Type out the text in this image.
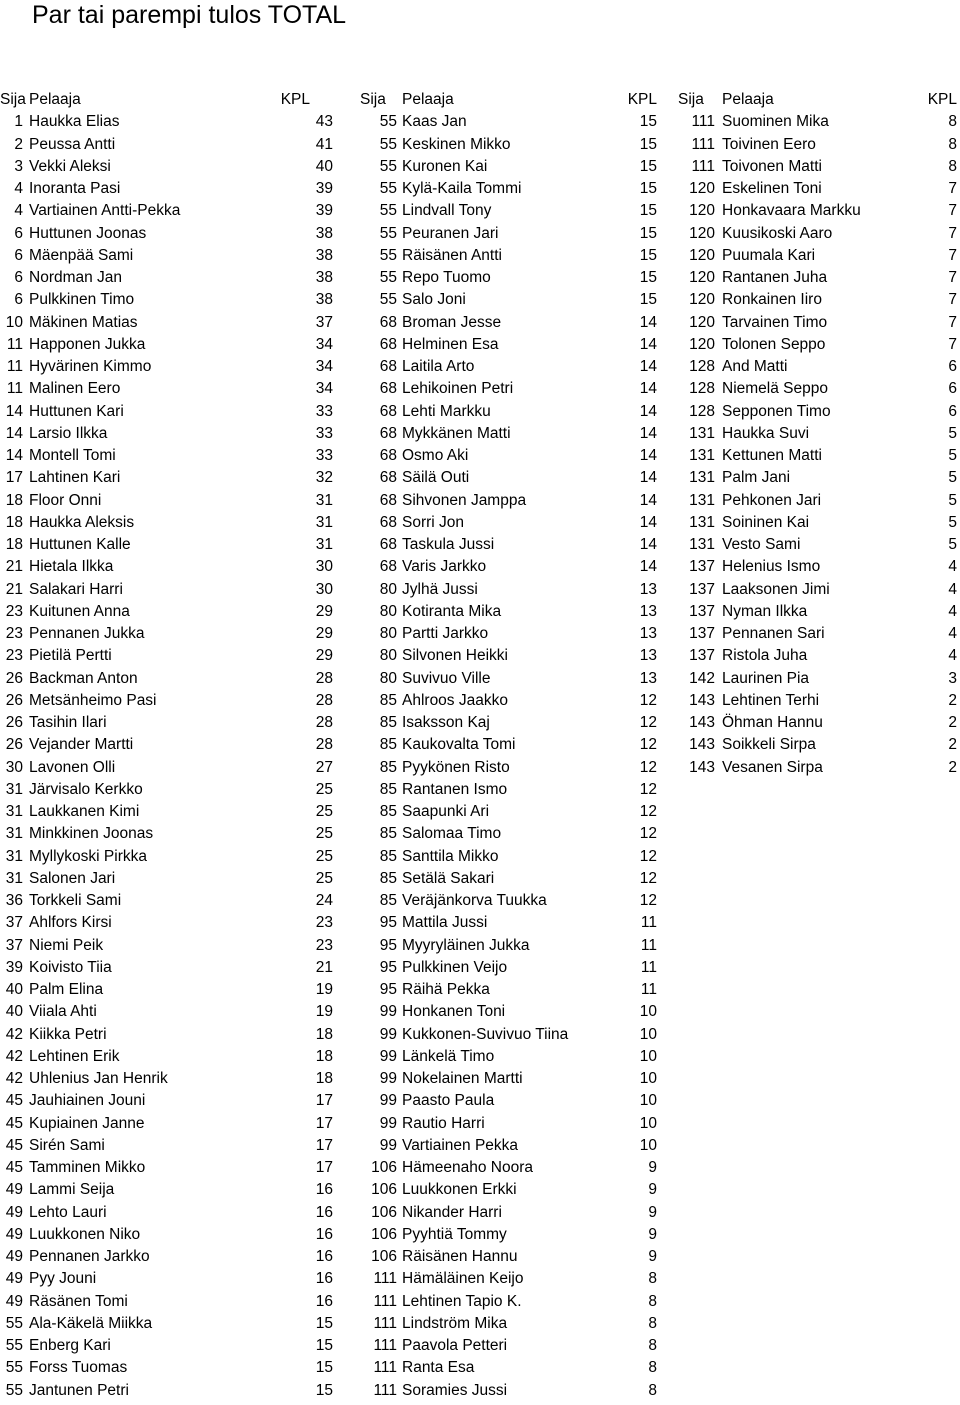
Par tai parempi tulos TOTAL
Sija Pelaaja	KPL
1 Haukka Elias	43
2 Peussa Antti	41
3 Vekki Aleksi	40
4 Inoranta Pasi	39
4 Vartiainen Antti-Pekka	39
6 Huttunen Joonas	38
6 Mäenpää Sami	38
6 Nordman Jan	38
6 Pulkkinen Timo	38
10 Mäkinen Matias	37
11 Happonen Jukka	34
11 Hyvärinen Kimmo	34
11 Malinen Eero	34
14 Huttunen Kari	33
14 Larsio Ilkka	33
14 Montell Tomi	33
17 Lahtinen Kari	32
18 Floor Onni	31
18 Haukka Aleksis	31
18 Huttunen Kalle	31
21 Hietala Ilkka	30
21 Salakari Harri	30
23 Kuitunen Anna	29
23 Pennanen Jukka	29
23 Pietilä Pertti	29
26 Backman Anton	28
26 Metsänheimo Pasi	28
26 Tasihin Ilari	28
26 Vejander Martti	28
30 Lavonen Olli	27
31 Järvisalo Kerkko	25
31 Laukkanen Kimi	25
31 Minkkinen Joonas	25
31 Myllykoski Pirkka	25
31 Salonen Jari	25
36 Torkkeli Sami	24
37 Ahlfors Kirsi	23
37 Niemi Peik	23
39 Koivisto Tiia	21
40 Palm Elina	19
40 Viiala Ahti	19
42 Kiikka Petri	18
42 Lehtinen Erik	18
42 Uhlenius Jan Henrik	18
45 Jauhiainen Jouni	17
45 Kupiainen Janne	17
45 Sirén Sami	17
45 Tamminen Mikko	17
49 Lammi Seija	16
49 Lehto Lauri	16
49 Luukkonen Niko	16
49 Pennanen Jarkko	16
49 Pyy Jouni	16
49 Räsänen Tomi	16
55 Ala-Käkelä Miikka	15
55 Enberg Kari	15
55 Forss Tuomas	15
55 Jantunen Petri	15
Sija Pelaaja	KPL
55 Kaas Jan	15
55 Keskinen Mikko	15
55 Kuronen Kai	15
55 Kylä-Kaila Tommi	15
55 Lindvall Tony	15
55 Peuranen Jari	15
55 Räisänen Antti	15
55 Repo Tuomo	15
55 Salo Joni	15
68 Broman Jesse	14
68 Helminen Esa	14
68 Laitila Arto	14
68 Lehikoinen Petri	14
68 Lehti Markku	14
68 Mykkänen Matti	14
68 Osmo Aki	14
68 Säilä Outi	14
68 Sihvonen Jamppa	14
68 Sorri Jon	14
68 Taskula Jussi	14
68 Varis Jarkko	14
80 Jylhä Jussi	13
80 Kotiranta Mika	13
80 Partti Jarkko	13
80 Silvonen Heikki	13
80 Suvivuo Ville	13
85 Ahlroos Jaakko	12
85 Isaksson Kaj	12
85 Kaukovalta Tomi	12
85 Pyykönen Risto	12
85 Rantanen Ismo	12
85 Saapunki Ari	12
85 Salomaa Timo	12
85 Santtila Mikko	12
85 Setälä Sakari	12
85 Veräjänkorva Tuukka	12
95 Mattila Jussi	11
95 Myyryläinen Jukka	11
95 Pulkkinen Veijo	11
95 Räihä Pekka	11
99 Honkanen Toni	10
99 Kukkonen-Suvivuo Tiina	10
99 Länkelä Timo	10
99 Nokelainen Martti	10
99 Paasto Paula	10
99 Rautio Harri	10
99 Vartiainen Pekka	10
106 Hämeenaho Noora	9
106 Luukkonen Erkki	9
106 Nikander Harri	9
106 Pyyhtiä Tommy	9
106 Räisänen Hannu	9
111 Hämäläinen Keijo	8
111 Lehtinen Tapio K.	8
111 Lindström Mika	8
111 Paavola Petteri	8
111 Ranta Esa	8
111 Soramies Jussi	8
Sija Pelaaja	KPL
111 Suominen Mika	8
111 Toivinen Eero	8
111 Toivonen Matti	8
120 Eskelinen Toni	7
120 Honkavaara Markku	7
120 Kuusikoski Aaro	7
120 Puumala Kari	7
120 Rantanen Juha	7
120 Ronkainen Iiro	7
120 Tarvainen Timo	7
120 Tolonen Seppo	7
128 And Matti	6
128 Niemelä Seppo	6
128 Sepponen Timo	6
131 Haukka Suvi	5
131 Kettunen Matti	5
131 Palm Jani	5
131 Pehkonen Jari	5
131 Soininen Kai	5
131 Vesto Sami	5
137 Helenius Ismo	4
137 Laaksonen Jimi	4
137 Nyman Ilkka	4
137 Pennanen Sari	4
137 Ristola Juha	4
142 Laurinen Pia	3
143 Lehtinen Terhi	2
143 Öhman Hannu	2
143 Soikkeli Sirpa	2
143 Vesanen Sirpa	2
